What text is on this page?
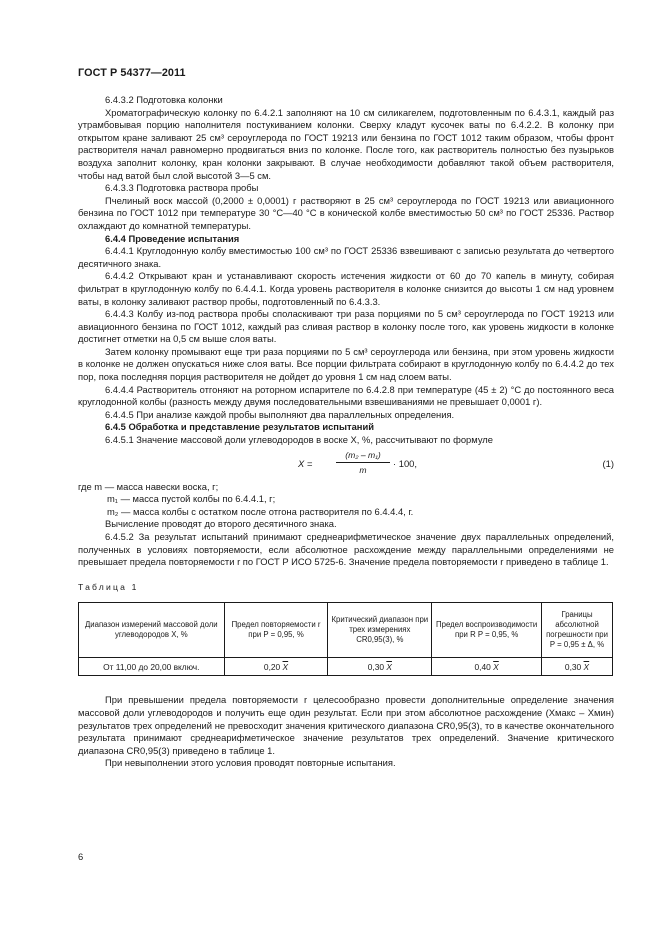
ГОСТ Р 54377—2011

6.4.3.2 Подготовка колонки

Хроматографическую колонку по 6.4.2.1 заполняют на 10 см силикагелем, подготовленным по 6.4.3.1, каждый раз утрамбовывая порцию наполнителя постукиванием колонки. Сверху кладут кусочек ваты по 6.4.2.2. В колонку при открытом кране заливают 25 см³ сероуглерода по ГОСТ 19213 или бензина по ГОСТ 1012 таким образом, чтобы фронт растворителя начал равномерно продвигаться вниз по колонке. После того, как растворитель полностью без пузырьков воздуха заполнит колонку, кран колонки закрывают. В случае необходимости добавляют такой объем растворителя, чтобы над ватой был слой высотой 3—5 см.

6.4.3.3 Подготовка раствора пробы

Пчелиный воск массой (0,2000 ± 0,0001) г растворяют в 25 см³ сероуглерода по ГОСТ 19213 или авиационного бензина по ГОСТ 1012 при температуре 30 °С—40 °С в конической колбе вместимостью 50 см³ по ГОСТ 25336. Раствор охлаждают до комнатной температуры.

6.4.4 Проведение испытания

6.4.4.1 Круглодонную колбу вместимостью 100 см³ по ГОСТ 25336 взвешивают с записью результата до четвертого десятичного знака.

6.4.4.2 Открывают кран и устанавливают скорость истечения жидкости от 60 до 70 капель в минуту, собирая фильтрат в круглодонную колбу по 6.4.4.1. Когда уровень растворителя в колонке снизится до высоты 1 см над уровнем ваты, в колонку заливают раствор пробы, подготовленный по 6.4.3.3.

6.4.4.3 Колбу из-под раствора пробы споласкивают три раза порциями по 5 см³ сероуглерода по ГОСТ 19213 или авиационного бензина по ГОСТ 1012, каждый раз сливая раствор в колонку после того, как уровень жидкости в колонке достигнет отметки на 0,5 см выше слоя ваты.

Затем колонку промывают еще три раза порциями по 5 см³ сероуглерода или бензина, при этом уровень жидкости в колонке не должен опускаться ниже слоя ваты. Все порции фильтрата собирают в круглодонную колбу по 6.4.4.2 до тех пор, пока последняя порция растворителя не дойдет до уровня 1 см над слоем ваты.

6.4.4.4 Растворитель отгоняют на роторном испарителе по 6.4.2.8 при температуре (45 ± 2) °С до постоянного веса круглодонной колбы (разность между двумя последовательными взвешиваниями не превышает 0,0001 г).

6.4.4.5 При анализе каждой пробы выполняют два параллельных определения.

6.4.5 Обработка и представление результатов испытаний

6.4.5.1 Значение массовой доли углеводородов в воске X, %, рассчитывают по формуле

X =	$\frac{\text{(m₂ – m₁)}}{m} \cdot 100$,	(1)

где m — масса навески воска, г;

m₁ — масса пустой колбы по 6.4.4.1, г;

m₂ — масса колбы с остатком после отгона растворителя по 6.4.4.4, г.

Вычисление проводят до второго десятичного знака.

6.4.5.2 За результат испытаний принимают среднеарифметическое значение двух параллельных определений, полученных в условиях повторяемости, если абсолютное расхождение между параллельными определениями не превышает предела повторяемости r по ГОСТ Р ИСО 5725-6. Значение предела повторяемости r приведено в таблице 1.

Таблица 1
Диапазон измерений массовой доли углеводородов X, %	Предел повторяемости r при P = 0,95, %	Критический диапазон при трех измерениях CR0,95(3), %	Предел воспроизводимости при R P = 0,95, %	Границы абсолютной погрешности при P = 0,95 ± Δ, %
От 11,00 до 20,00 включ.	0,20 $\overline{X}$	0,30 $\overline{X}$	0,40 $\overline{X}$	0,30 $\overline{X}$

При превышении предела повторяемости r целесообразно провести дополнительные определение значения массовой доли углеводородов и получить еще один результат. Если при этом абсолютное расхождение (Xмакс – Xмин) результатов трех определений не превосходит значения критического диапазона CR0,95(3), то в качестве окончательного результата принимают среднеарифметическое значение результатов трех определений. Значение критического диапазона CR0,95(3) приведено в таблице 1.

При невыполнении этого условия проводят повторные испытания.

6
